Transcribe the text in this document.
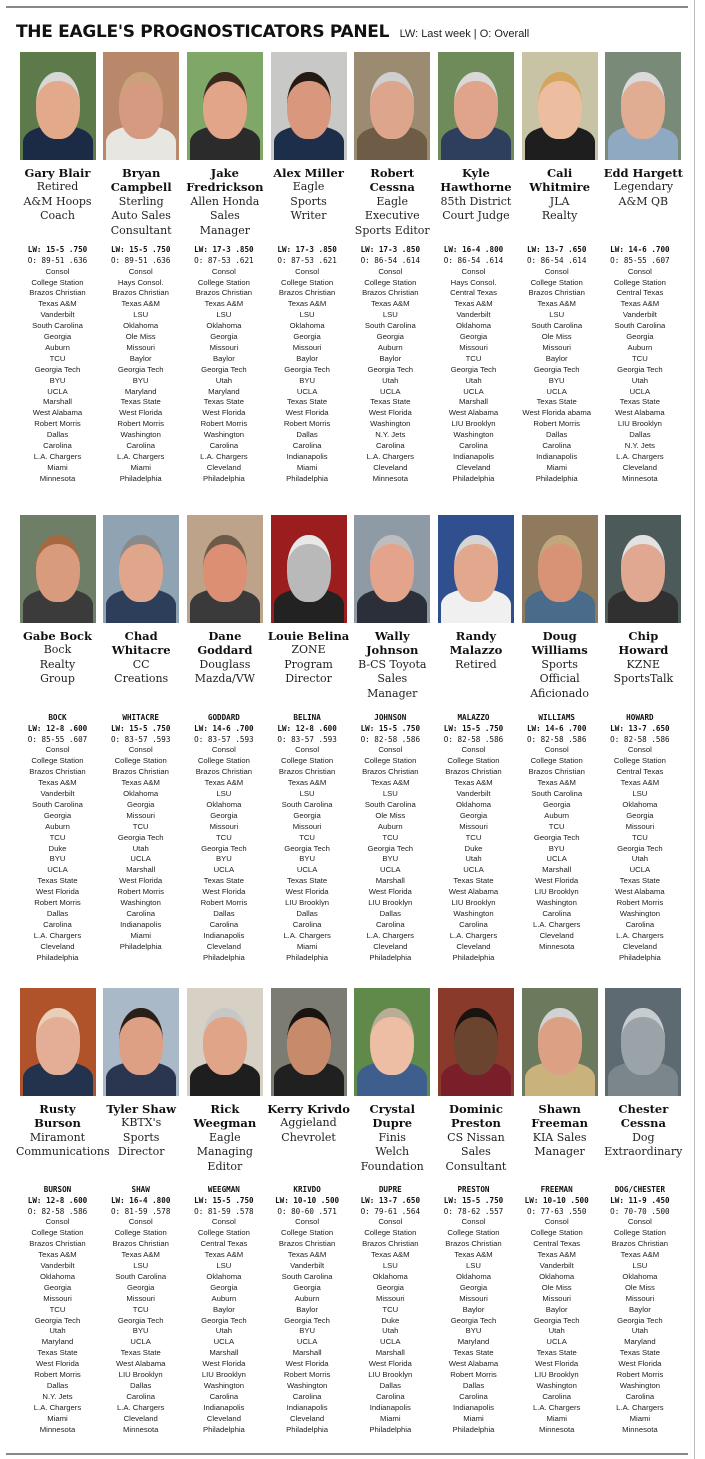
THE EAGLE'S PROGNOSTICATORS PANEL LW: Last week | O: Overall
Gary Blair
Retired
A&M Hoops
Coach
Bryan Campbell
Sterling
Auto Sales
Consultant
Jake Fredrickson
Allen Honda
Sales
Manager
Alex Miller
Eagle
Sports
Writer
Robert Cessna
Eagle
Executive
Sports Editor
Kyle Hawthorne
85th District
Court Judge
Cali Whitmire
JLA
Realty
Edd Hargett
Legendary
A&M QB
LW: 15-5 .750
O: 89-51 .636
Consol
College Station
Brazos Christian
Texas A&M
Vanderbilt
South Carolina
Georgia
Auburn
TCU
Georgia Tech
BYU
UCLA
Marshall
West Alabama
Robert Morris
Dallas
Carolina
L.A. Chargers
Miami
Minnesota
LW: 15-5 .750
O: 89-51 .636
Consol
Hays Consol.
Brazos Christian
Texas A&M
LSU
Oklahoma
Ole Miss
Missouri
Baylor
Georgia Tech
BYU
Maryland
Texas State
West Florida
Robert Morris
Washington
Carolina
L.A. Chargers
Miami
Philadelphia
LW: 17-3 .850
O: 87-53 .621
Consol
College Station
Brazos Christian
Texas A&M
LSU
Oklahoma
Georgia
Missouri
Baylor
Georgia Tech
Utah
Maryland
Texas State
West Florida
Robert Morris
Washington
Carolina
L.A. Chargers
Cleveland
Philadelphia
LW: 17-3 .850
O: 87-53 .621
Consol
College Station
Brazos Christian
Texas A&M
LSU
Oklahoma
Georgia
Missouri
Baylor
Georgia Tech
BYU
UCLA
Texas State
West Florida
Robert Morris
Dallas
Carolina
Indianapolis
Miami
Philadelphia
LW: 17-3 .850
O: 86-54 .614
Consol
College Station
Brazos Christian
Texas A&M
LSU
South Carolina
Georgia
Auburn
Baylor
Georgia Tech
Utah
UCLA
Texas State
West Florida
Washington
N.Y. Jets
Carolina
L.A. Chargers
Cleveland
Minnesota
LW: 16-4 .800
O: 86-54 .614
Consol
Hays Consol.
Central Texas
Texas A&M
Vanderbilt
Oklahoma
Georgia
Missouri
TCU
Georgia Tech
Utah
UCLA
Marshall
West Alabama
LIU Brooklyn
Washington
Carolina
Indianapolis
Cleveland
Philadelphia
LW: 13-7 .650
O: 86-54 .614
Consol
College Station
Brazos Christian
Texas A&M
LSU
South Carolina
Ole Miss
Missouri
Baylor
Georgia Tech
BYU
UCLA
Texas State
West Florida abama
Robert Morris
Dallas
Carolina
Indianapolis
Miami
Philadelphia
LW: 14-6 .700
O: 85-55 .607
Consol
College Station
Central Texas
Texas A&M
Vanderbilt
South Carolina
Georgia
Auburn
TCU
Georgia Tech
Utah
UCLA
Texas State
West Alabama
LIU Brooklyn
Dallas
N.Y. Jets
L.A. Chargers
Cleveland
Minnesota
Gabe Bock
Bock
Realty
Group
Chad Whitacre
CC
Creations
Dane Goddard
Douglass
Mazda/VW
Louie Belina
ZONE
Program
Director
Wally Johnson
B-CS Toyota
Sales
Manager
Randy Malazzo
Retired
Doug Williams
Sports
Official
Aficionado
Chip Howard
KZNE
SportsTalk
BOCK
LW: 12-8 .600
O: 85-55 .607
Consol
College Station
Brazos Christian
Texas A&M
Vanderbilt
South Carolina
Georgia
Auburn
TCU
Duke
BYU
UCLA
Texas State
West Florida
Robert Morris
Dallas
Carolina
L.A. Chargers
Cleveland
Philadelphia
WHITACRE
LW: 15-5 .750
O: 83-57 .593
Consol
College Station
Brazos Christian
Texas A&M
Oklahoma
Georgia
Missouri
TCU
Georgia Tech
Utah
UCLA
Marshall
West Florida
Robert Morris
Washington
Carolina
Indianapolis
Miami
Philadelphia
GODDARD
LW: 14-6 .700
O: 83-57 .593
Consol
College Station
Brazos Christian
Texas A&M
LSU
Oklahoma
Georgia
Missouri
TCU
Georgia Tech
BYU
UCLA
Texas State
West Florida
Robert Morris
Dallas
Carolina
Indianapolis
Cleveland
Philadelphia
BELINA
LW: 12-8 .600
O: 83-57 .593
Consol
College Station
Brazos Christian
Texas A&M
LSU
South Carolina
Georgia
Missouri
TCU
Georgia Tech
BYU
UCLA
Texas State
West Florida
LIU Brooklyn
Dallas
Carolina
L.A. Chargers
Miami
Philadelphia
JOHNSON
LW: 15-5 .750
O: 82-58 .586
Consol
College Station
Brazos Christian
Texas A&M
LSU
South Carolina
Ole Miss
Auburn
TCU
Georgia Tech
BYU
UCLA
Marshall
West Florida
LIU Brooklyn
Dallas
Carolina
L.A. Chargers
Cleveland
Philadelphia
MALAZZO
LW: 15-5 .750
O: 82-58 .586
Consol
College Station
Brazos Christian
Texas A&M
Vanderbilt
Oklahoma
Georgia
Missouri
TCU
Duke
Utah
UCLA
Texas State
West Alabama
LIU Brooklyn
Washington
Carolina
L.A. Chargers
Cleveland
Philadelphia
WILLIAMS
LW: 14-6 .700
O: 82-58 .586
Consol
College Station
Brazos Christian
Texas A&M
South Carolina
Georgia
Auburn
TCU
Georgia Tech
BYU
UCLA
Marshall
West Florida
LIU Brooklyn
Washington
Carolina
L.A. Chargers
Cleveland
Minnesota
HOWARD
LW: 13-7 .650
O: 82-58 .586
Consol
College Station
Central Texas
Texas A&M
LSU
Oklahoma
Georgia
Missouri
TCU
Georgia Tech
Utah
UCLA
Texas State
West Alabama
Robert Morris
Washington
Carolina
L.A. Chargers
Cleveland
Philadelphia
Rusty Burson
Miramont
Communications
Tyler Shaw
KBTX's
Sports
Director
Rick Weegman
Eagle
Managing
Editor
Kerry Krivdo
Aggieland
Chevrolet
Crystal Dupre
Finis
Welch
Foundation
Dominic Preston
CS Nissan
Sales
Consultant
Shawn Freeman
KIA Sales
Manager
Chester Cessna
Dog
Extraordinary
BURSON
LW: 12-8 .600
O: 82-58 .586
Consol
College Station
Brazos Christian
Texas A&M
Vanderbilt
Oklahoma
Georgia
Missouri
TCU
Georgia Tech
Utah
Maryland
Texas State
West Florida
Robert Morris
Dallas
N.Y. Jets
L.A. Chargers
Miami
Minnesota
SHAW
LW: 16-4 .800
O: 81-59 .578
Consol
College Station
Brazos Christian
Texas A&M
LSU
South Carolina
Georgia
Missouri
TCU
Georgia Tech
BYU
UCLA
Texas State
West Alabama
LIU Brooklyn
Dallas
Carolina
L.A. Chargers
Cleveland
Minnesota
WEEGMAN
LW: 15-5 .750
O: 81-59 .578
Consol
College Station
Central Texas
Texas A&M
LSU
Oklahoma
Georgia
Auburn
Baylor
Georgia Tech
Utah
UCLA
Marshall
West Florida
LIU Brooklyn
Washington
Carolina
Indianapolis
Cleveland
Philadelphia
KRIVDO
LW: 10-10 .500
O: 80-60 .571
Consol
College Station
Brazos Christian
Texas A&M
Vanderbilt
South Carolina
Georgia
Auburn
Baylor
Georgia Tech
BYU
UCLA
Marshall
West Florida
Robert Morris
Washington
Carolina
Indianapolis
Cleveland
Philadelphia
DUPRE
LW: 13-7 .650
O: 79-61 .564
Consol
College Station
Brazos Christian
Texas A&M
LSU
Oklahoma
Georgia
Missouri
TCU
Duke
Utah
UCLA
Marshall
West Florida
LIU Brooklyn
Dallas
Carolina
Indianapolis
Miami
Philadelphia
PRESTON
LW: 15-5 .750
O: 78-62 .557
Consol
College Station
Brazos Christian
Texas A&M
LSU
Oklahoma
Georgia
Missouri
Baylor
Georgia Tech
BYU
Maryland
Texas State
West Alabama
Robert Morris
Dallas
Carolina
Indianapolis
Miami
Philadelphia
FREEMAN
LW: 10-10 .500
O: 77-63 .550
Consol
College Station
Central Texas
Texas A&M
Vanderbilt
Oklahoma
Ole Miss
Missouri
Baylor
Georgia Tech
Utah
UCLA
Texas State
West Florida
LIU Brooklyn
Washington
Carolina
L.A. Chargers
Miami
Minnesota
DOG/CHESTER
LW: 11-9 .450
O: 70-70 .500
Consol
College Station
Brazos Christian
Texas A&M
LSU
Oklahoma
Ole Miss
Missouri
Baylor
Georgia Tech
Utah
Maryland
Texas State
West Florida
Robert Morris
Washington
Carolina
L.A. Chargers
Miami
Minnesota
